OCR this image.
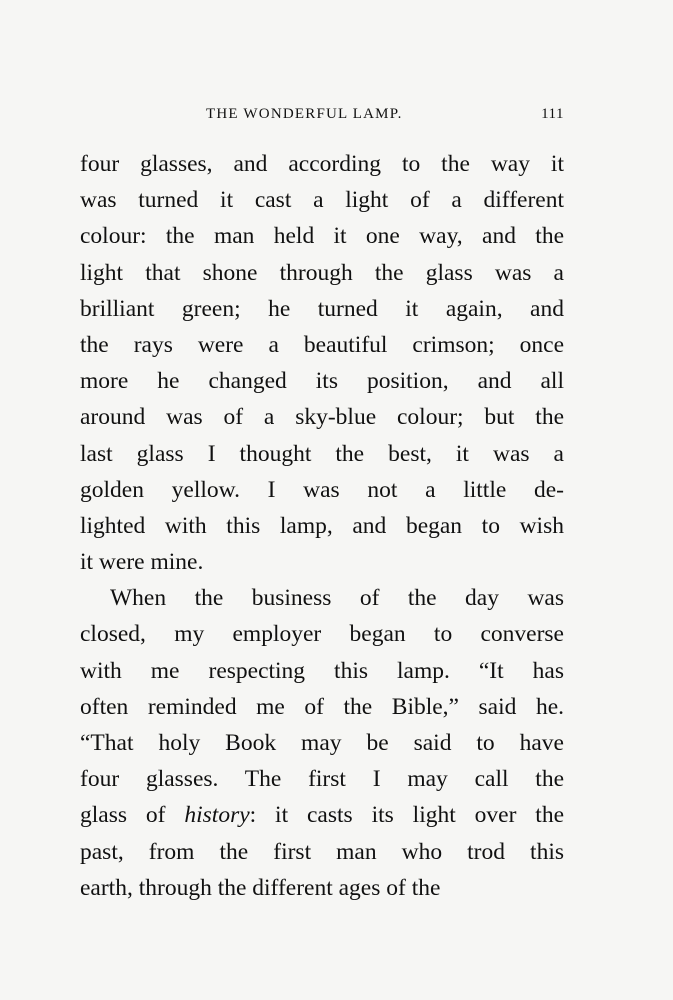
THE WONDERFUL LAMP.	111
four glasses, and according to the way it
was turned it cast a light of a different
colour: the man held it one way, and the
light that shone through the glass was a
brilliant green; he turned it again, and
the rays were a beautiful crimson; once
more he changed its position, and all
around was of a sky-blue colour; but the
last glass I thought the best, it was a
golden yellow. I was not a little de-
lighted with this lamp, and began to wish
it were mine.
When the business of the day was
closed, my employer began to converse
with me respecting this lamp. “It has
often reminded me of the Bible,” said he.
“That holy Book may be said to have
four glasses. The first I may call the
glass of history: it casts its light over the
past, from the first man who trod this
earth, through the different ages of the
